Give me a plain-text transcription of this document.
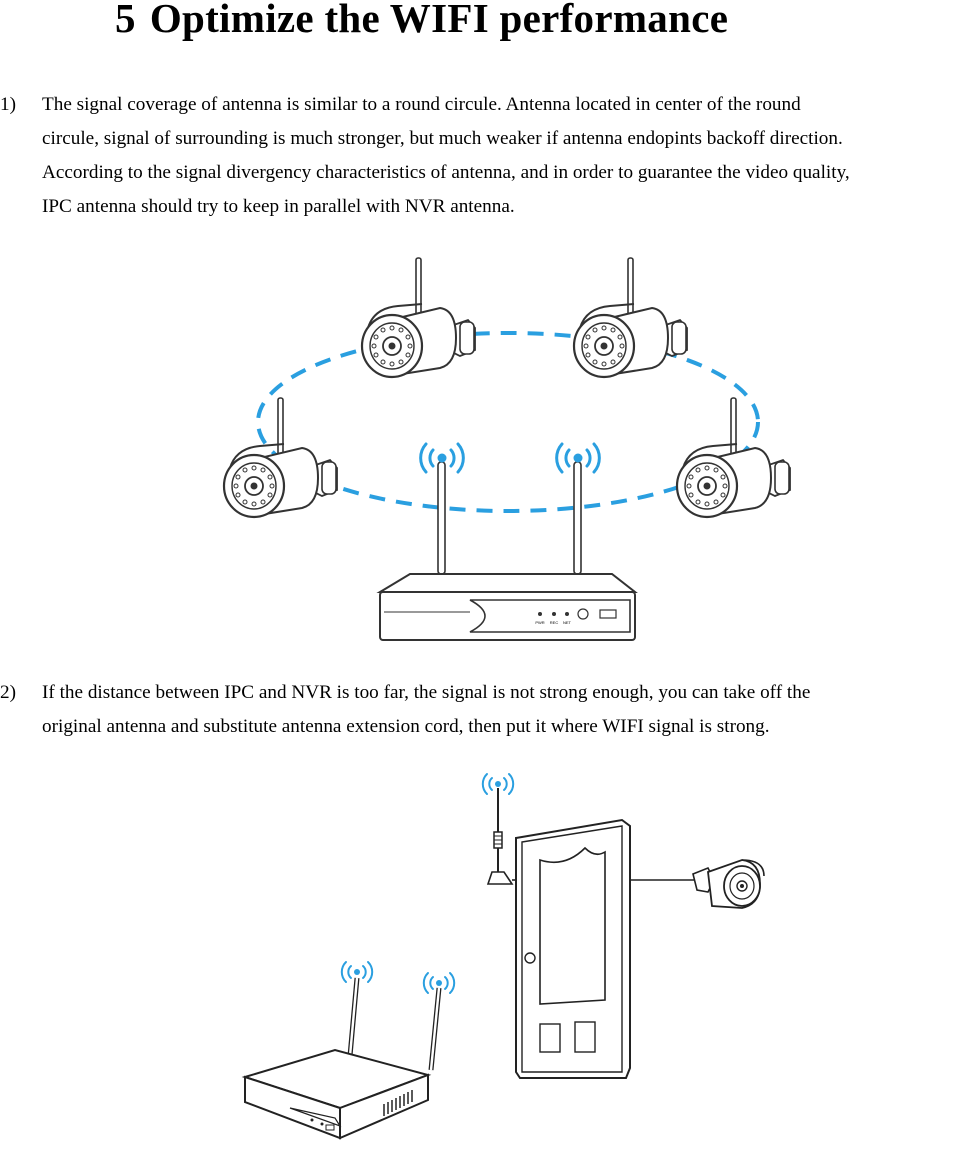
5 Optimize the WIFI performance
1) The signal coverage of antenna is similar to a round circule. Antenna located in center of the round
circule, signal of surrounding is much stronger, but much weaker if antenna endopints backoff direction.
According to the signal divergency characteristics of antenna, and in order to guarantee the video quality,
IPC antenna should try to keep in parallel with NVR antenna.
PWR REC NET
2) If the distance between IPC and NVR is too far, the signal is not strong enough, you can take off the
original antenna and substitute antenna extension cord, then put it where WIFI signal is strong.
